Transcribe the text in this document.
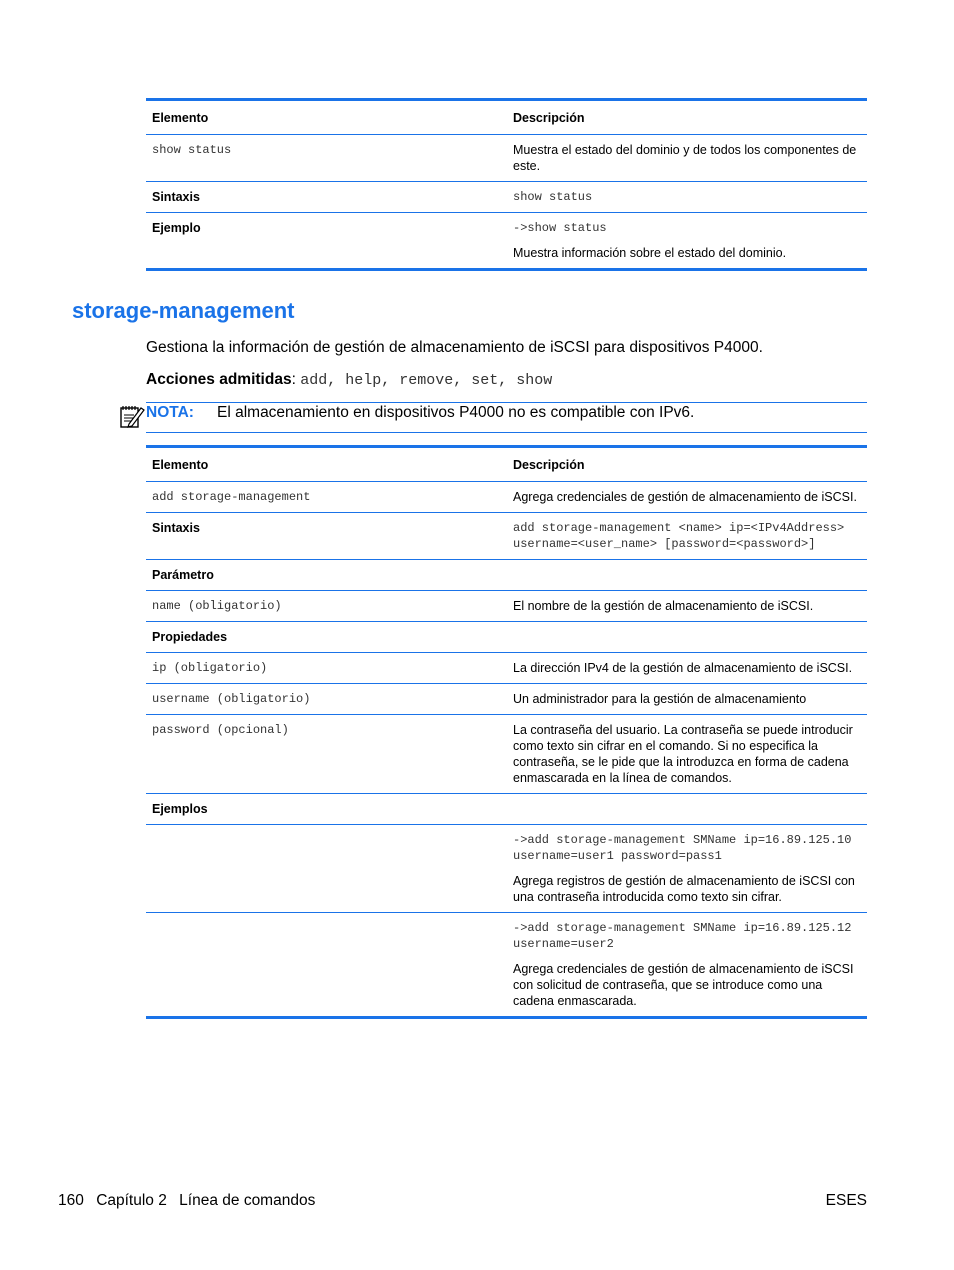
Elemento	Descripción
show status	Muestra el estado del dominio y de todos los componentes de este.
Sintaxis	show status
Ejemplo	->show status
Muestra información sobre el estado del dominio.
storage-management

Gestiona la información de gestión de almacenamiento de iSCSI para dispositivos P4000.

Acciones admitidas: add, help, remove, set, show

NOTA: El almacenamiento en dispositivos P4000 no es compatible con IPv6.
Elemento	Descripción
add storage-management	Agrega credenciales de gestión de almacenamiento de iSCSI.
Sintaxis	add storage-management <name> ip=<IPv4Address> username=<user_name> [password=<password>]
Parámetro	
name (obligatorio)	El nombre de la gestión de almacenamiento de iSCSI.
Propiedades	
ip (obligatorio)	La dirección IPv4 de la gestión de almacenamiento de iSCSI.
username (obligatorio)	Un administrador para la gestión de almacenamiento
password (opcional)	La contraseña del usuario. La contraseña se puede introducir como texto sin cifrar en el comando. Si no especifica la contraseña, se le pide que la introduzca en forma de cadena enmascarada en la línea de comandos.
Ejemplos	

	->add storage-management SMName ip=16.89.125.10 username=user1 password=pass1
Agrega registros de gestión de almacenamiento de iSCSI con una contraseña introducida como texto sin cifrar.

	->add storage-management SMName ip=16.89.125.12 username=user2
Agrega credenciales de gestión de almacenamiento de iSCSI con solicitud de contraseña, que se introduce como una cadena enmascarada.
160 Capítulo 2 Línea de comandos	ESES
